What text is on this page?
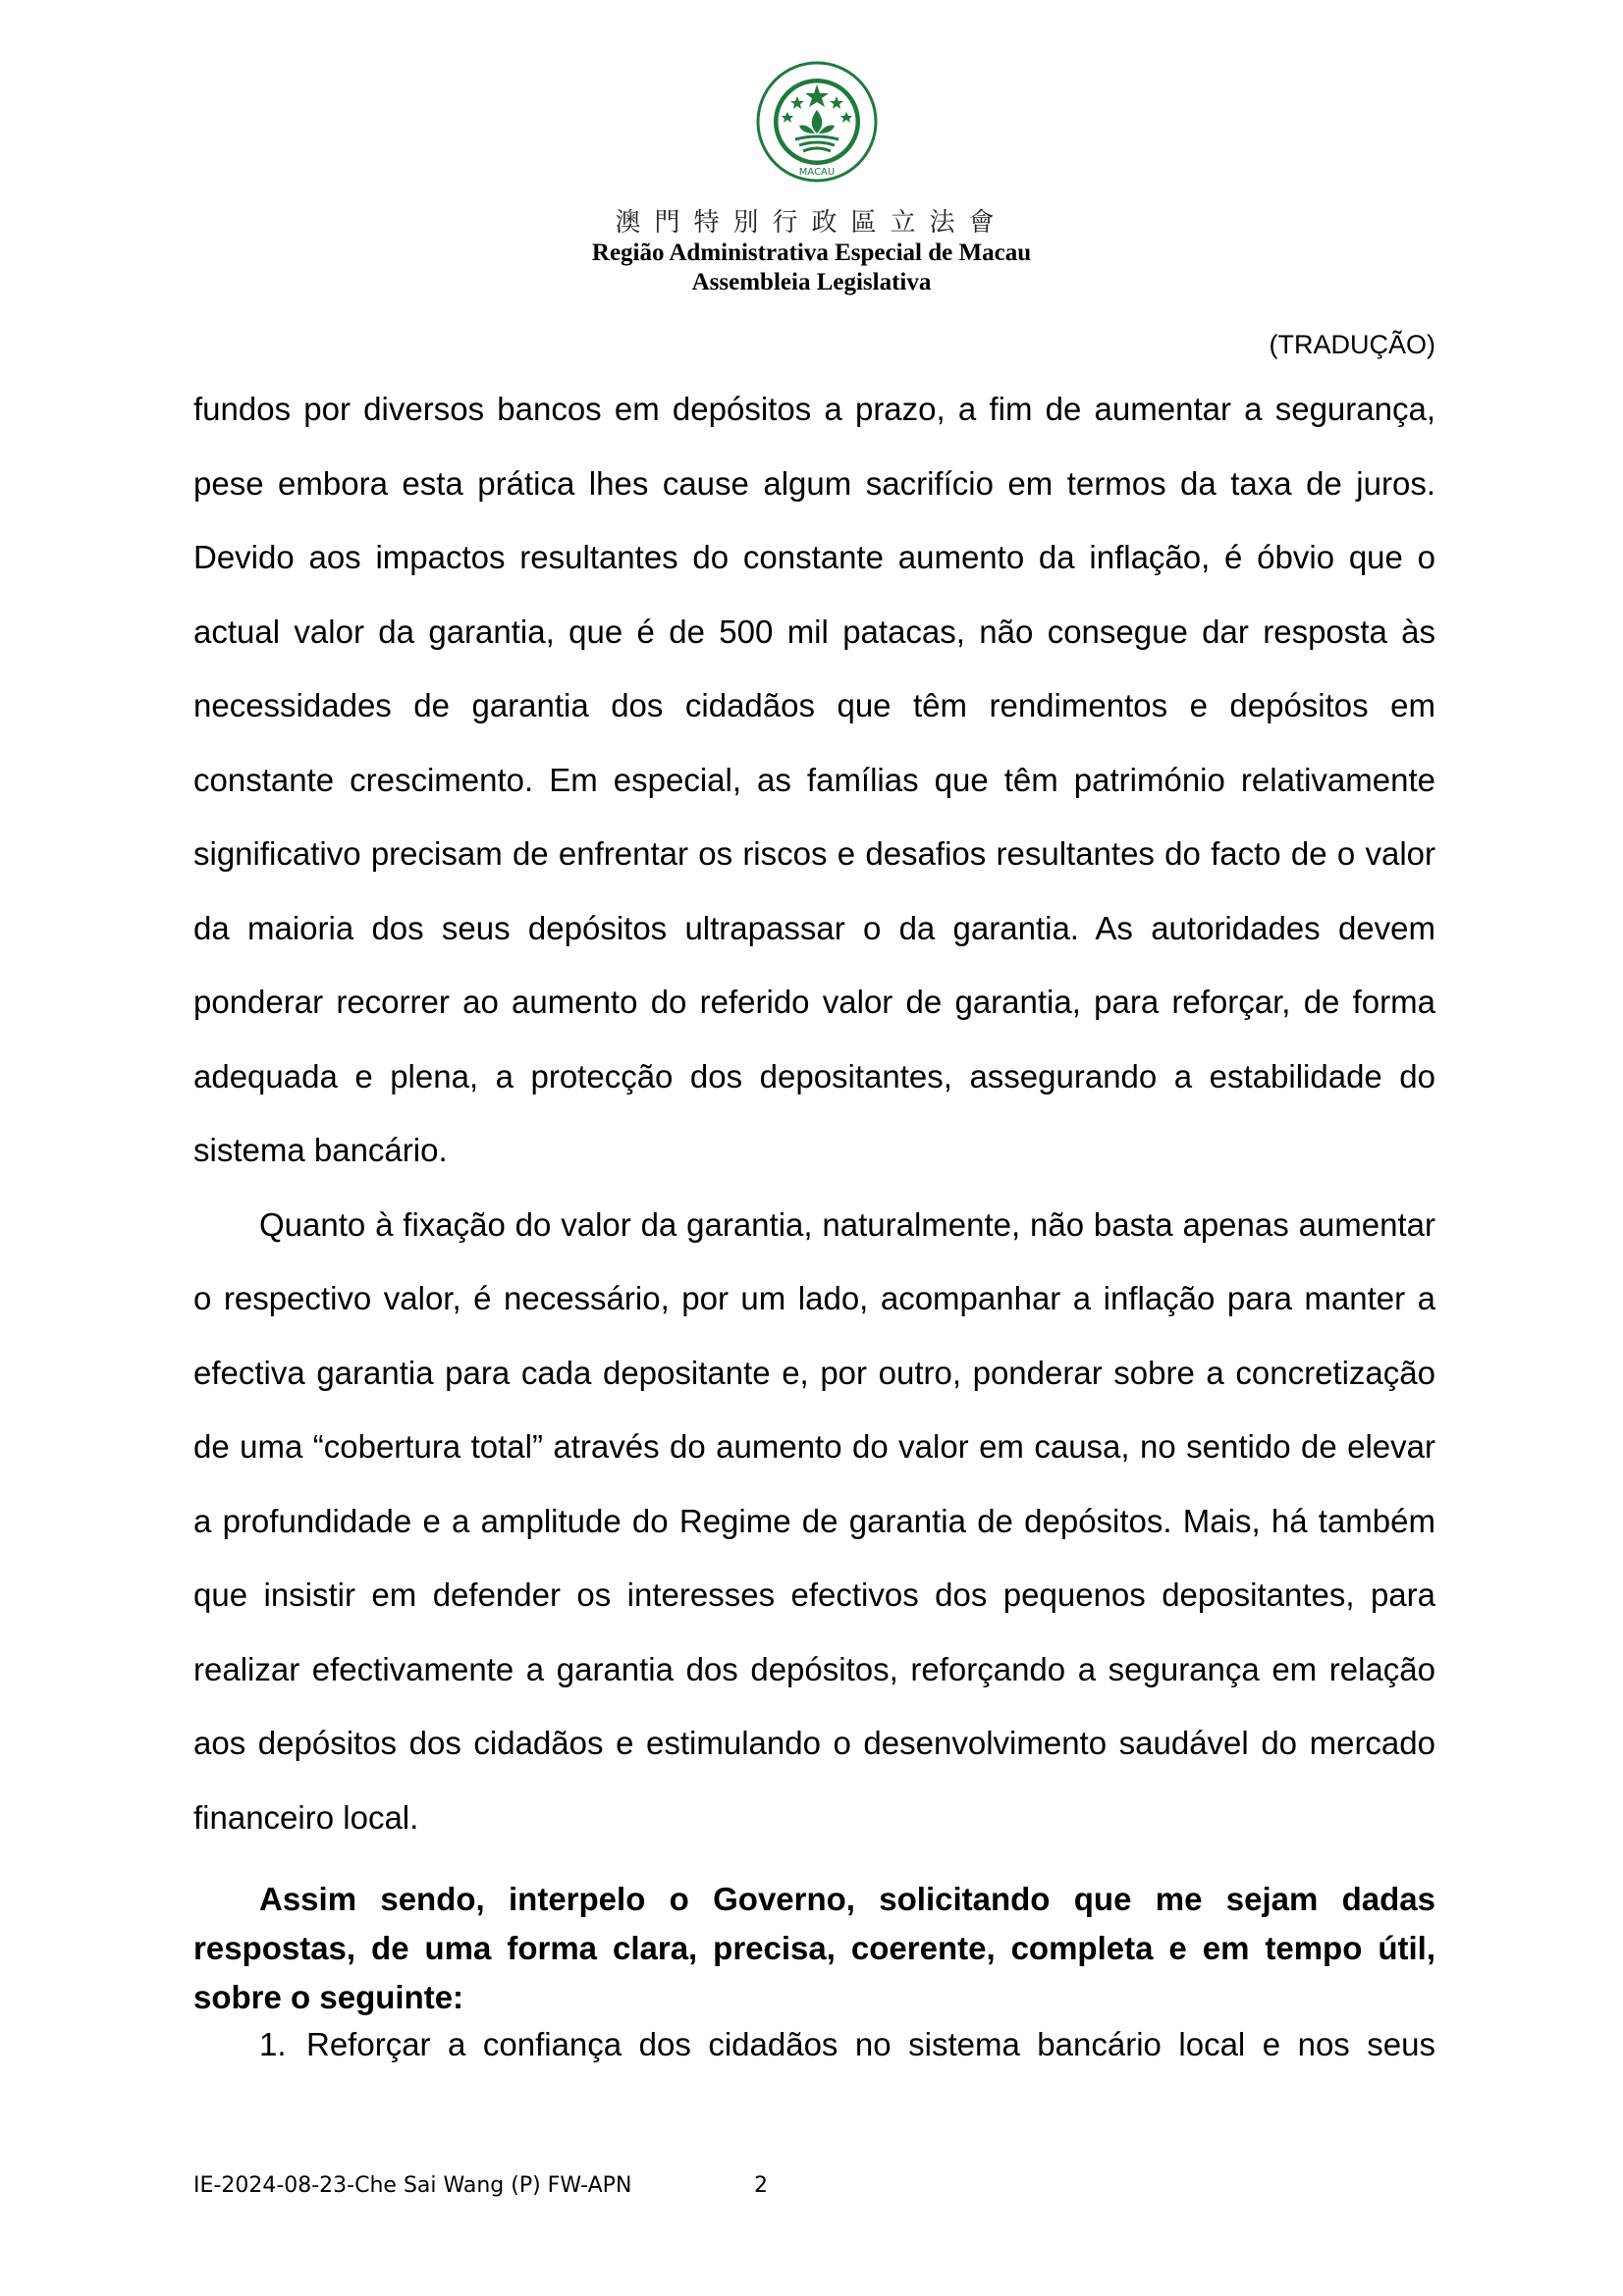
MACAU
澳門特別行政區立法會
Região Administrativa Especial de Macau
Assembleia Legislativa
(TRADUÇÃO)

fundos por diversos bancos em depósitos a prazo, a fim de aumentar a segurança, pese embora esta prática lhes cause algum sacrifício em termos da taxa de juros. Devido aos impactos resultantes do constante aumento da inflação, é óbvio que o actual valor da garantia, que é de 500 mil patacas, não consegue dar resposta às necessidades de garantia dos cidadãos que têm rendimentos e depósitos em constante crescimento. Em especial, as famílias que têm património relativamente significativo precisam de enfrentar os riscos e desafios resultantes do facto de o valor da maioria dos seus depósitos ultrapassar o da garantia. As autoridades devem ponderar recorrer ao aumento do referido valor de garantia, para reforçar, de forma adequada e plena, a protecção dos depositantes, assegurando a estabilidade do sistema bancário.

Quanto à fixação do valor da garantia, naturalmente, não basta apenas aumentar o respectivo valor, é necessário, por um lado, acompanhar a inflação para manter a efectiva garantia para cada depositante e, por outro, ponderar sobre a concretização de uma “cobertura total” através do aumento do valor em causa, no sentido de elevar a profundidade e a amplitude do Regime de garantia de depósitos. Mais, há também que insistir em defender os interesses efectivos dos pequenos depositantes, para realizar efectivamente a garantia dos depósitos, reforçando a segurança em relação aos depósitos dos cidadãos e estimulando o desenvolvimento saudável do mercado financeiro local.

Assim sendo, interpelo o Governo, solicitando que me sejam dadas respostas, de uma forma clara, precisa, coerente, completa e em tempo útil, sobre o seguinte:
1. Reforçar a confiança dos cidadãos no sistema bancário local e nos seus
IE-2024-08-23-Che Sai Wang (P) FW-APN	2
